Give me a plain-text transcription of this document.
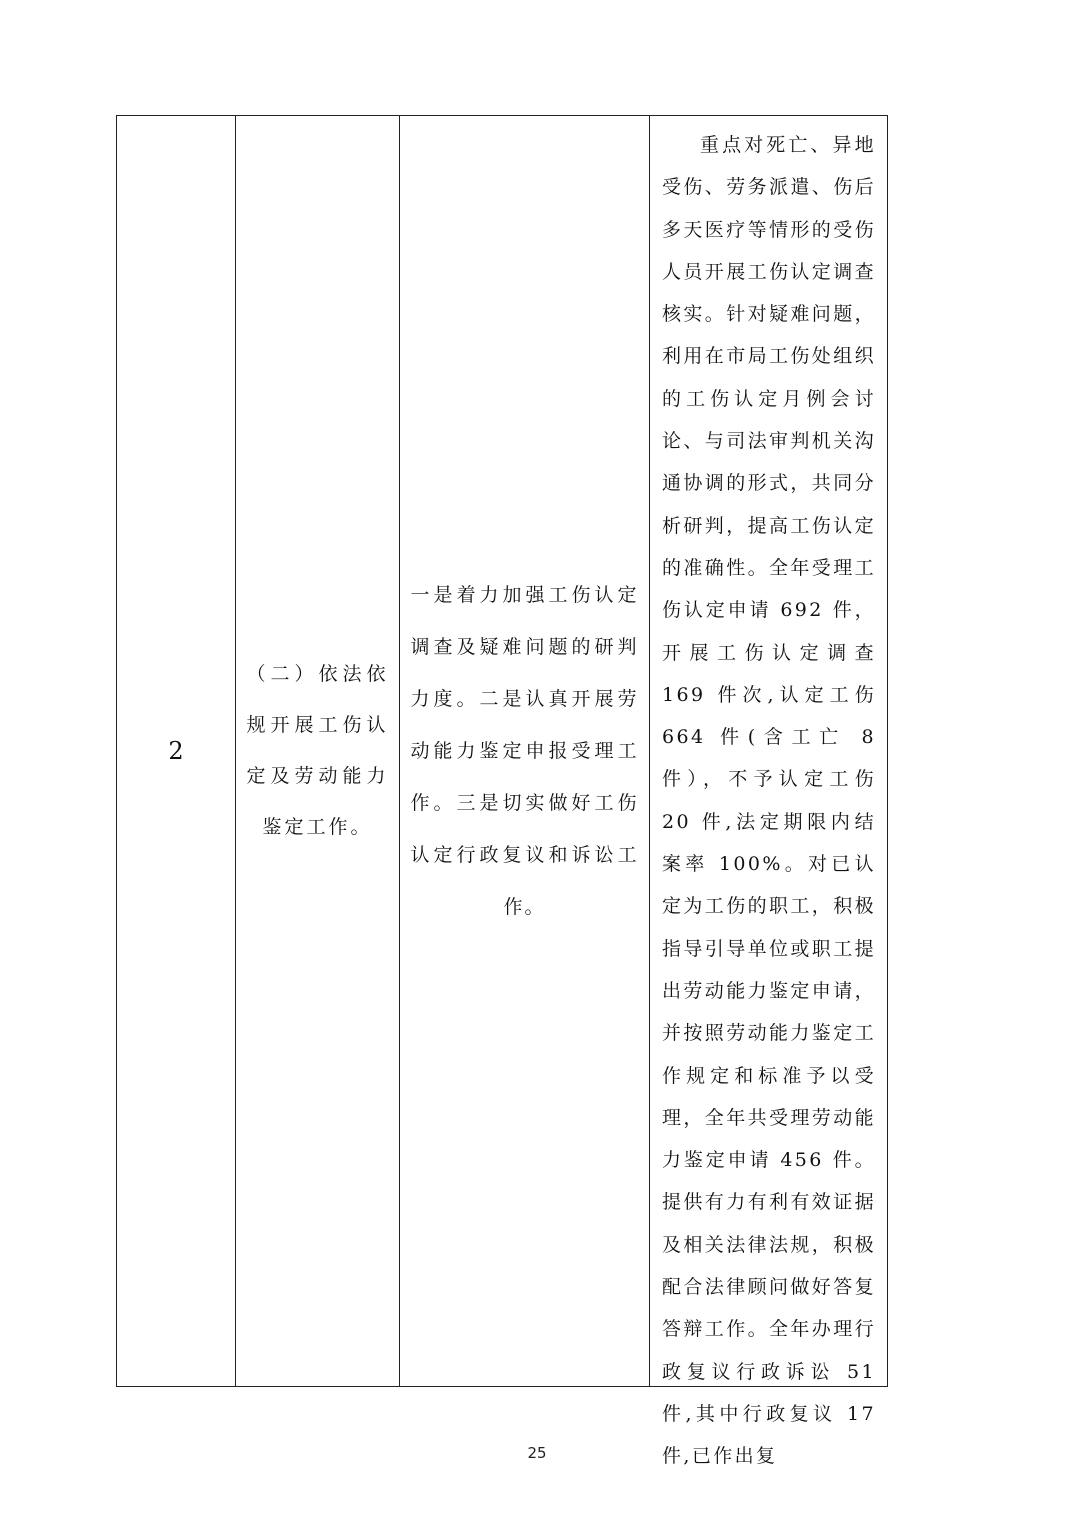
2
（二）依法依规开展工伤认定及劳动能力鉴定工作。
一是着力加强工伤认定调查及疑难问题的研判力度。二是认真开展劳动能力鉴定申报受理工作。三是切实做好工伤认定行政复议和诉讼工作。
重点对死亡、异地受伤、劳务派遣、伤后多天医疗等情形的受伤人员开展工伤认定调查核实。针对疑难问题，利用在市局工伤处组织的工伤认定月例会讨论、与司法审判机关沟通协调的形式，共同分析研判，提高工伤认定的准确性。全年受理工伤认定申请 692 件，开展工伤认定调查 169 件次,认定工伤 664 件(含工亡 8 件），不予认定工伤 20 件,法定期限内结案率 100%。对已认定为工伤的职工，积极指导引导单位或职工提出劳动能力鉴定申请，并按照劳动能力鉴定工作规定和标准予以受理，全年共受理劳动能力鉴定申请 456 件。提供有力有利有效证据及相关法律法规，积极配合法律顾问做好答复答辩工作。全年办理行政复议行政诉讼 51 件,其中行政复议 17 件,已作出复
25
